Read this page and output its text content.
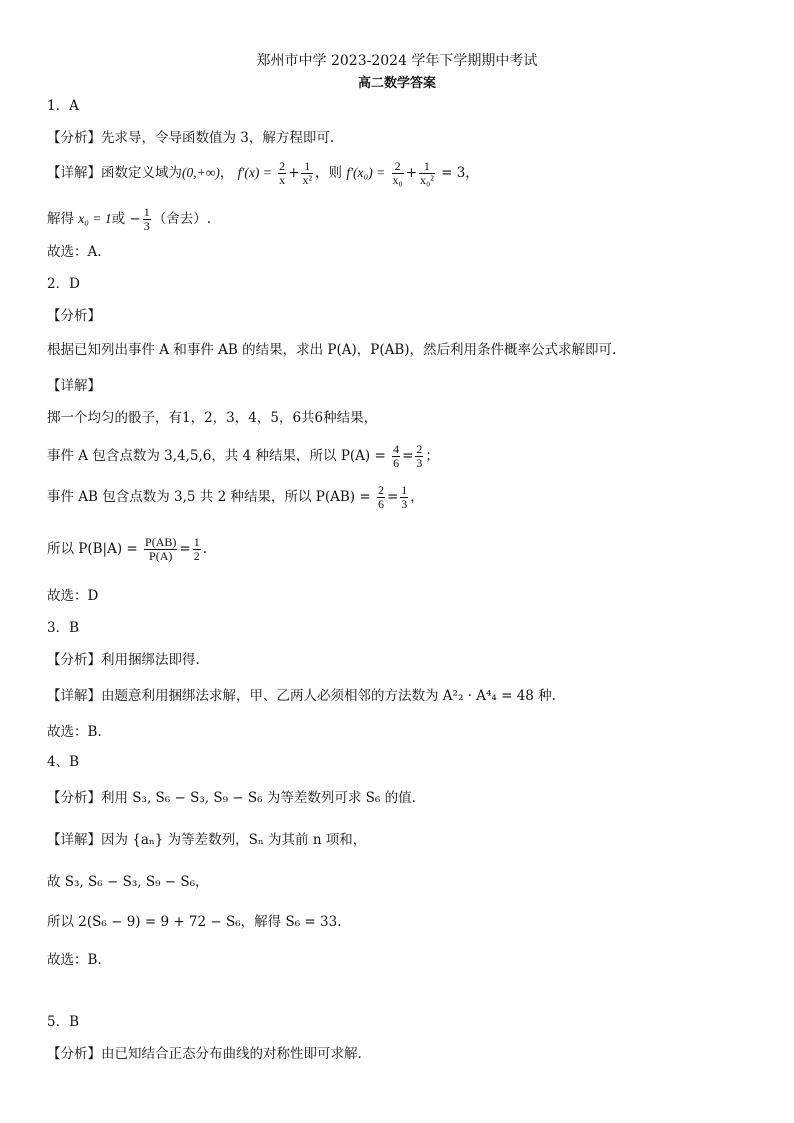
郑州市中学 2023-2024 学年下学期期中考试
高二数学答案
1．A
【分析】先求导，令导函数值为 3，解方程即可.
【详解】函数定义域为(0,+∞)， $f'(x) = \frac{2}{x} + \frac{1}{\text{x²}}$ ，则 $f'(x_0) = \frac{2}{\text{x₀}} + \frac{1}{\text{x₀²}} = 3$，
解得 x₀ = 1或 − $\frac{1}{3}$ （舍去）.
故选：A.
2．D
【分析】
根据已知列出事件 A 和事件 AB 的结果，求出 P(A)，P(AB)，然后利用条件概率公式求解即可.
【详解】
掷一个均匀的骰子，有1，2，3，4，5，6共6种结果，
事件 A 包含点数为 3,4,5,6，共 4 种结果，所以 $P(A) = \frac{4}{6} = \frac{2}{3}$ ；
事件 AB 包含点数为 3,5 共 2 种结果，所以 $P(AB) = \frac{2}{6} = \frac{1}{3}$ ，
所以 $P(B|A) = \frac{P(AB)}{P(A)} = \frac{1}{2}$ .
故选：D
3．B
【分析】利用捆绑法即得.
【详解】由题意利用捆绑法求解，甲、乙两人必须相邻的方法数为 A²₂ · A⁴₄ = 48 种.
故选：B.
4、B
【分析】利用 S₃, S₆ − S₃, S₉ − S₆ 为等差数列可求 S₆ 的值.
【详解】因为 {aₙ} 为等差数列，Sₙ 为其前 n 项和，
故 S₃, S₆ − S₃, S₉ − S₆，
所以 2(S₆ − 9) = 9 + 72 − S₆，解得 S₆ = 33.
故选：B.
5．B
【分析】由已知结合正态分布曲线的对称性即可求解.
